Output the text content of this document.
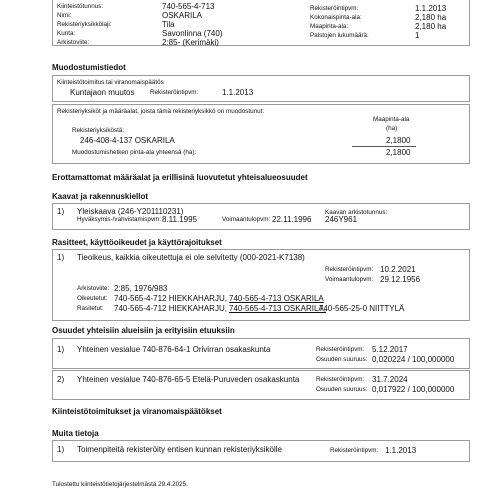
Kiinteistötunnus:	740-565-4-713
Nimi:	OSKARILA
Rekisteriyksikkölaji:	Tila
Kunta:	Savonlinna (740)
Arkistoviite:	2:85- (Kerimäki)
Rekisteröintipvm:	1.1.2013
Kokonaispinta-ala:	2,180 ha
Maapinta-ala:	2,180 ha
Palstojen lukumäärä:	1
Muodostumistiedot
Kiinteistötoimitus tai viranomaispäätös
Kuntajaon muutos Rekisteröintipvm:	1.1.2013
Rekisteriyksiköt ja määräalat, joista tämä rekisteriyksikkö on muodostunut:
Maapinta-ala
(ha)
Rekisteriyksiköstä:
246-408-4-137 OSKARILA	2,1800
Muodostumishetken pinta-ala yhteensä (ha):	2,1800
Erottamattomat määräalat ja erillisinä luovutetut yhteisalueosuudet
Kaavat ja rakennuskiellot
1) Yleiskaava (246-Y201110231)
Hyväksymis-/vahvistamispvm: 8.11.1995	Voimaantulopvm: 22.11.1996
Kaavan arkistotunnus:
246Y961
Rasitteet, käyttöoikeudet ja käyttörajoitukset
1) Tieoikeus, kaikkia oikeutettuja ei ole selvitetty (000-2021-K7138)
Rekisteröintipvm: 10.2.2021
Voimaantulopvm: 29.12.1956
Arkistoviite: 2:85, 1976/983
Oikeutetut: 740-565-4-712 HIEKKAHARJU, 740-565-4-713 OSKARILA
Rasitetut: 740-565-4-712 HIEKKAHARJU, 740-565-4-713 OSKARILA,
740-565-25-0 NIITTYLÄ
Osuudet yhteisiin alueisiin ja erityisiin etuuksiin
1) Yhteinen vesialue 740-876-64-1 Orivirran osakaskunta	Rekisteröintipvm: 5.12.2017
Osuuden suuruus: 0,020224 / 100,000000
2) Yhteinen vesialue 740-876-65-5 Etelä-Puruveden osakaskunta	Rekisteröintipvm: 31.7.2024
Osuuden suuruus: 0,017922 / 100,000000
Kiinteistötoimitukset ja viranomaispäätökset
Muita tietoja
1) Toimenpiteitä rekisteröity entisen kunnan rekisteriyksikölle	Rekisteröintipvm: 1.1.2013
Tulostettu kiinteistötietojärjestelmästä 29.4.2025.
